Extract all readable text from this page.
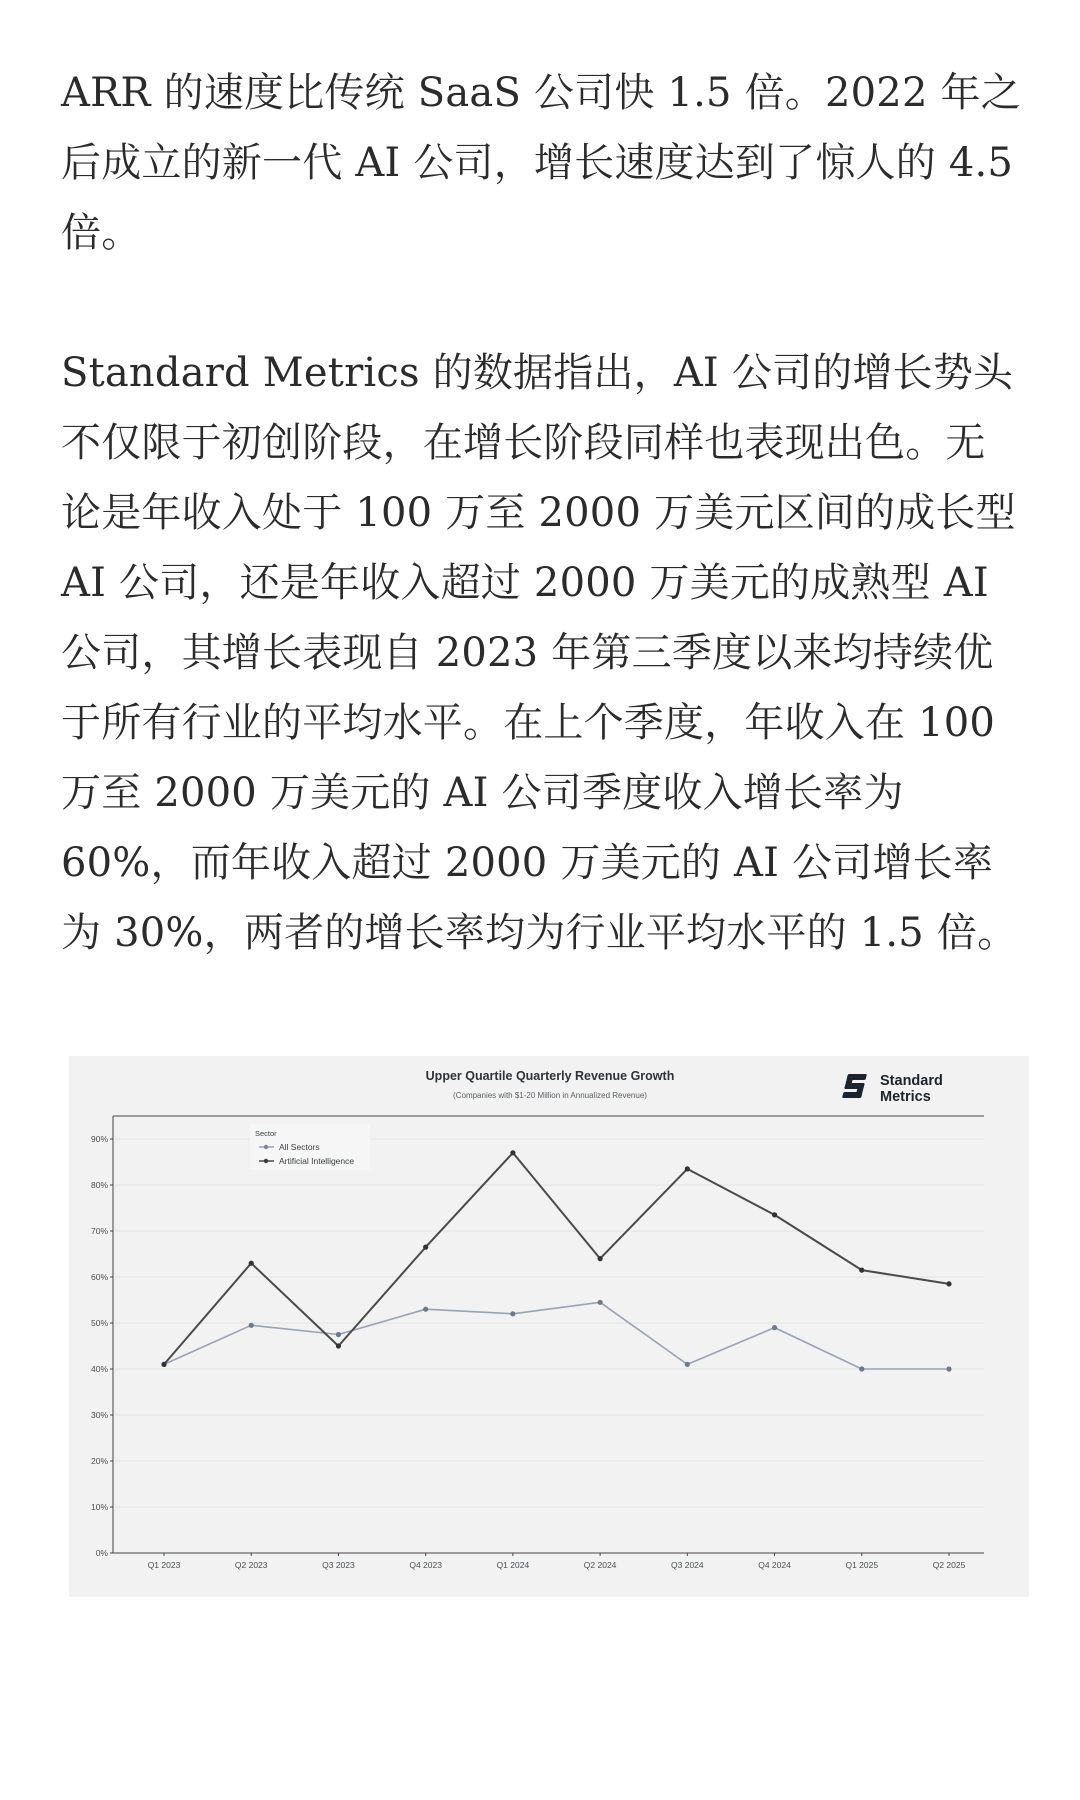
ARR 的速度比传统 SaaS 公司快 1.5 倍。2022 年之后成立的新一代 AI 公司，增长速度达到了惊人的 4.5 倍。

Standard Metrics 的数据指出，AI 公司的增长势头不仅限于初创阶段，在增长阶段同样也表现出色。无论是年收入处于 100 万至 2000 万美元区间的成长型 AI 公司，还是年收入超过 2000 万美元的成熟型 AI 公司，其增长表现自 2023 年第三季度以来均持续优于所有行业的平均水平。在上个季度，年收入在 100 万至 2000 万美元的 AI 公司季度收入增长率为 60%，而年收入超过 2000 万美元的 AI 公司增长率为 30%，两者的增长率均为行业平均水平的 1.5 倍。

Upper Quartile Quarterly Revenue Growth
(Companies with $1-20 Million in Annualized Revenue)
Standard
Metrics
0%
10%
20%
30%
40%
50%
60%
70%
80%
90%
Q1 2023	Q2 2023	Q3 2023	Q4 2023	Q1 2024	Q2 2024	Q3 2024	Q4 2024	Q1 2025	Q2 2025
Sector
All Sectors
Artificial Intelligence
